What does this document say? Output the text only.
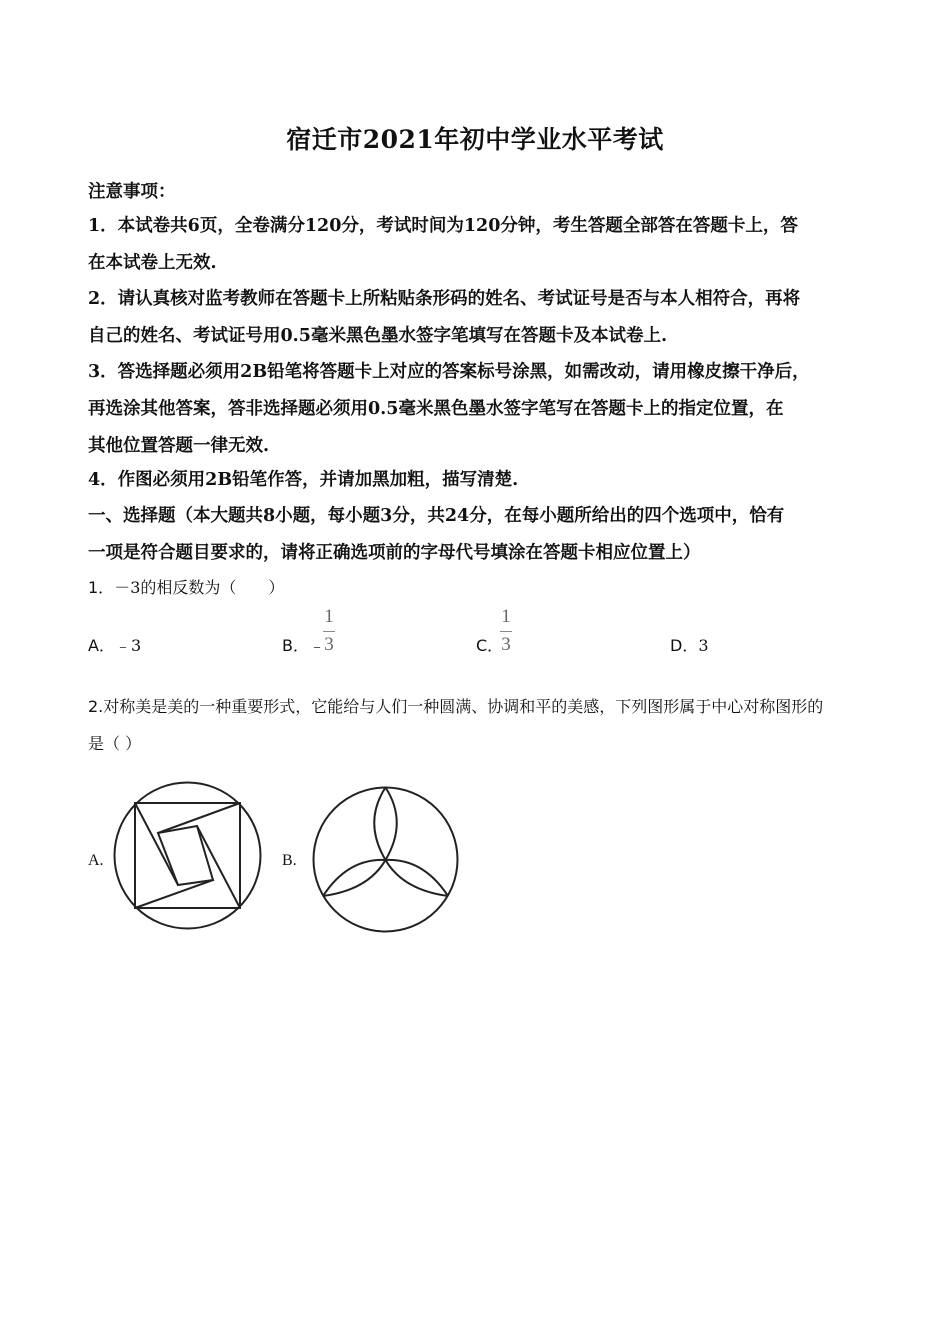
宿迁市2021年初中学业水平考试
注意事项：
1．本试卷共6页，全卷满分120分，考试时间为120分钟，考生答题全部答在答题卡上，答
在本试卷上无效.
2．请认真核对监考教师在答题卡上所粘贴条形码的姓名、考试证号是否与本人相符合，再将
自己的姓名、考试证号用0.5毫米黑色墨水签字笔填写在答题卡及本试卷上.
3．答选择题必须用2B铅笔将答题卡上对应的答案标号涂黑，如需改动，请用橡皮擦干净后，
再选涂其他答案，答非选择题必须用0.5毫米黑色墨水签字笔写在答题卡上的指定位置，在
其他位置答题一律无效.
4．作图必须用2B铅笔作答，并请加黑加粗，描写清楚.
一、选择题（本大题共8小题，每小题3分，共24分，在每小题所给出的四个选项中，恰有
一项是符合题目要求的，请将正确选项前的字母代号填涂在答题卡相应位置上）
1．－3的相反数为（　　）
A．﹣3	B．﹣
1
3	C．
1
3	D．3
2.对称美是美的一种重要形式，它能给与人们一种圆满、协调和平的美感，下列图形属于中心对称图形的
是（ ）
A.	B.
